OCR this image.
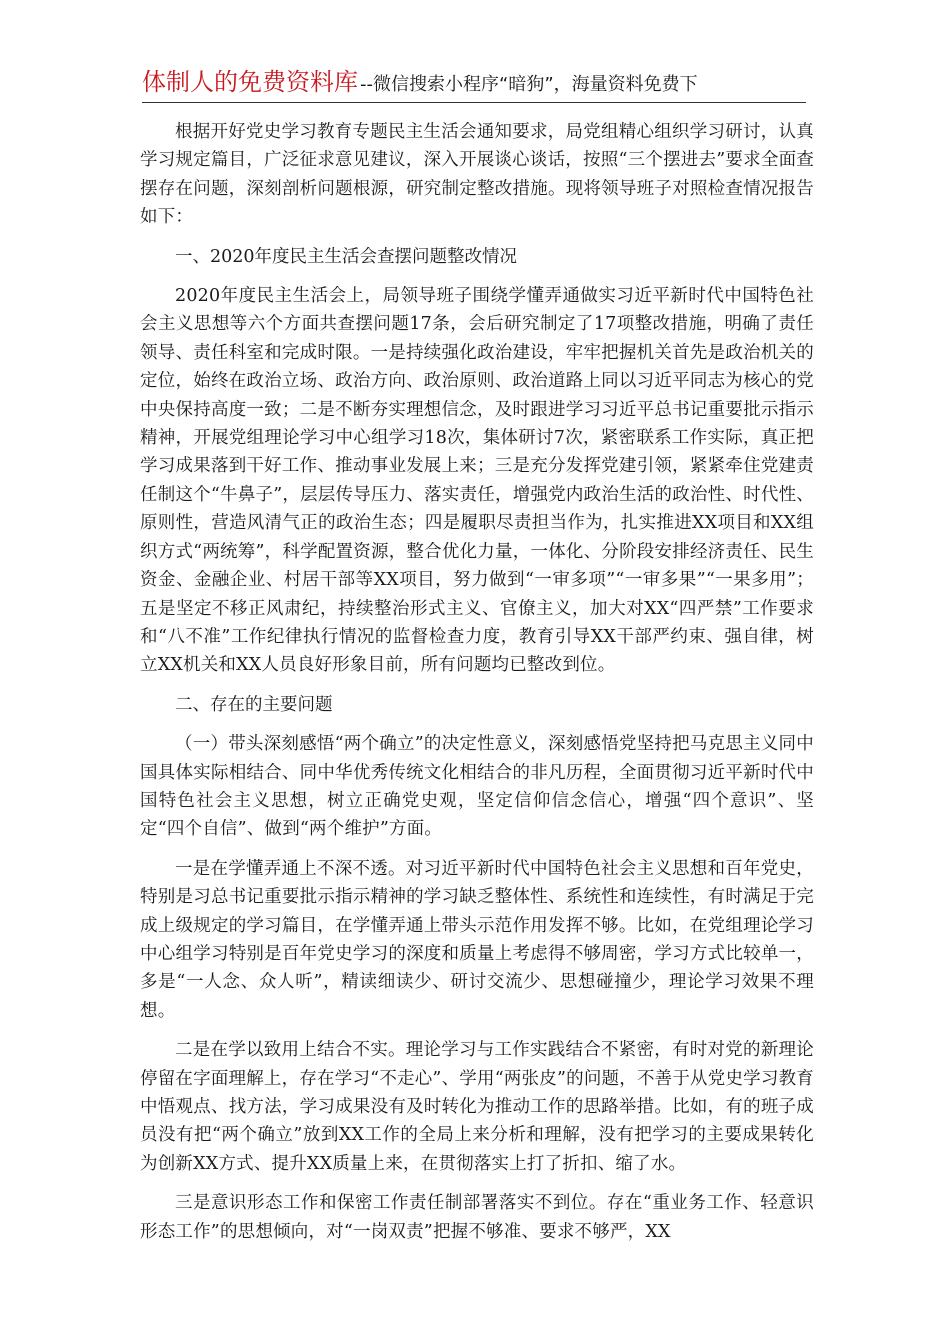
体制人的免费资料库 --微信搜索小程序“暗狗”，海量资料免费下

根据开好党史学习教育专题民主生活会通知要求，局党组精心组织学习研讨，认真学习规定篇目，广泛征求意见建议，深入开展谈心谈话，按照“三个摆进去”要求全面查摆存在问题，深刻剖析问题根源，研究制定整改措施。现将领导班子对照检查情况报告如下：

一、2020年度民主生活会查摆问题整改情况

2020年度民主生活会上，局领导班子围绕学懂弄通做实习近平新时代中国特色社会主义思想等六个方面共查摆问题17条，会后研究制定了17项整改措施，明确了责任领导、责任科室和完成时限。一是持续强化政治建设，牢牢把握机关首先是政治机关的定位，始终在政治立场、政治方向、政治原则、政治道路上同以习近平同志为核心的党中央保持高度一致；二是不断夯实理想信念，及时跟进学习习近平总书记重要批示指示精神，开展党组理论学习中心组学习18次，集体研讨7次，紧密联系工作实际，真正把学习成果落到干好工作、推动事业发展上来；三是充分发挥党建引领，紧紧牵住党建责任制这个“牛鼻子”，层层传导压力、落实责任，增强党内政治生活的政治性、时代性、原则性，营造风清气正的政治生态；四是履职尽责担当作为，扎实推进XX项目和XX组织方式“两统筹”，科学配置资源，整合优化力量，一体化、分阶段安排经济责任、民生资金、金融企业、村居干部等XX项目，努力做到“一审多项”“一审多果”“一果多用”；五是坚定不移正风肃纪，持续整治形式主义、官僚主义，加大对XX“四严禁”工作要求和“八不准”工作纪律执行情况的监督检查力度，教育引导XX干部严约束、强自律，树立XX机关和XX人员良好形象目前，所有问题均已整改到位。

二、存在的主要问题

（一）带头深刻感悟“两个确立”的决定性意义，深刻感悟党坚持把马克思主义同中国具体实际相结合、同中华优秀传统文化相结合的非凡历程，全面贯彻习近平新时代中国特色社会主义思想，树立正确党史观，坚定信仰信念信心，增强“四个意识”、坚定“四个自信”、做到“两个维护”方面。

一是在学懂弄通上不深不透。对习近平新时代中国特色社会主义思想和百年党史，特别是习总书记重要批示指示精神的学习缺乏整体性、系统性和连续性，有时满足于完成上级规定的学习篇目，在学懂弄通上带头示范作用发挥不够。比如，在党组理论学习中心组学习特别是百年党史学习的深度和质量上考虑得不够周密，学习方式比较单一，多是“一人念、众人听”，精读细读少、研讨交流少、思想碰撞少，理论学习效果不理想。

二是在学以致用上结合不实。理论学习与工作实践结合不紧密，有时对党的新理论停留在字面理解上，存在学习“不走心”、学用“两张皮”的问题，不善于从党史学习教育中悟观点、找方法，学习成果没有及时转化为推动工作的思路举措。比如，有的班子成员没有把“两个确立”放到XX工作的全局上来分析和理解，没有把学习的主要成果转化为创新XX方式、提升XX质量上来，在贯彻落实上打了折扣、缩了水。

三是意识形态工作和保密工作责任制部署落实不到位。存在“重业务工作、轻意识形态工作”的思想倾向，对“一岗双责”把握不够准、要求不够严，XX
